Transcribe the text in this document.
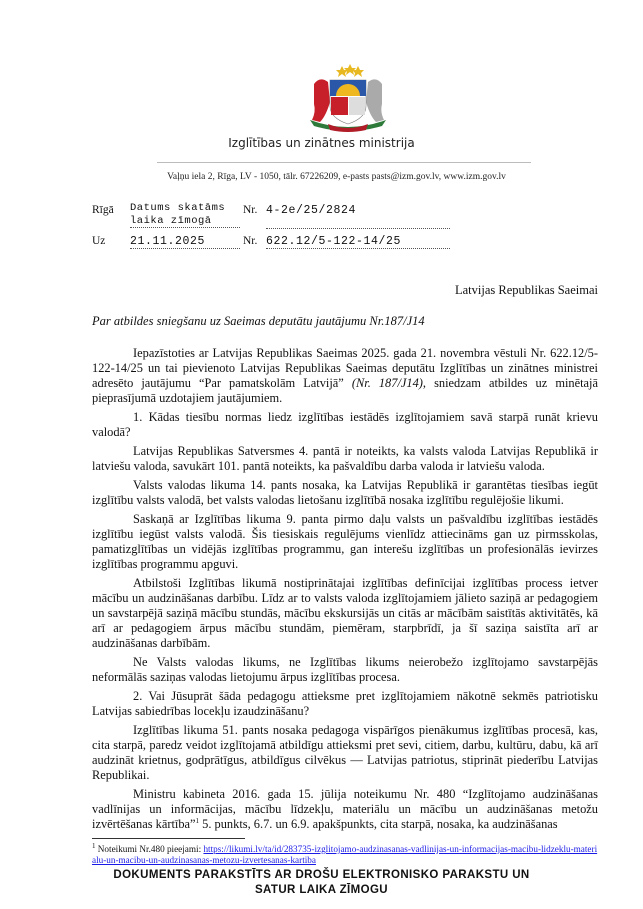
Izglītības un zinātnes ministrija
Vaļņu iela 2, Rīga, LV - 1050, tālr. 67226209, e-pasts pasts@izm.gov.lv, www.izm.gov.lv
Rīgā Datums skatāms laika zīmogā
Nr. 4-2e/25/2824
Uz 21.11.2025	Nr. 622.12/5-122-14/25
Latvijas Republikas Saeimai
Par atbildes sniegšanu uz Saeimas deputātu jautājumu Nr.187/J14

Iepazīstoties ar Latvijas Republikas Saeimas 2025. gada 21. novembra vēstuli Nr. 622.12/5-122-14/25 un tai pievienoto Latvijas Republikas Saeimas deputātu Izglītības un zinātnes ministrei adresēto jautājumu “Par pamatskolām Latvijā” (Nr. 187/J14), sniedzam atbildes uz minētajā pieprasījumā uzdotajiem jautājumiem.

1. Kādas tiesību normas liedz izglītības iestādēs izglītojamiem savā starpā runāt krievu valodā?

Latvijas Republikas Satversmes 4. pantā ir noteikts, ka valsts valoda Latvijas Republikā ir latviešu valoda, savukārt 101. pantā noteikts, ka pašvaldību darba valoda ir latviešu valoda.

Valsts valodas likuma 14. pants nosaka, ka Latvijas Republikā ir garantētas tiesības iegūt izglītību valsts valodā, bet valsts valodas lietošanu izglītībā nosaka izglītību regulējošie likumi.

Saskaņā ar Izglītības likuma 9. panta pirmo daļu valsts un pašvaldību izglītības iestādēs izglītību iegūst valsts valodā. Šis tiesiskais regulējums vienlīdz attiecināms gan uz pirmsskolas, pamatizglītības un vidējās izglītības programmu, gan interešu izglītības un profesionālās ievirzes izglītības programmu apguvi.

Atbilstoši Izglītības likumā nostiprinātajai izglītības definīcijai izglītības process ietver mācību un audzināšanas darbību. Līdz ar to valsts valoda izglītojamiem jālieto saziņā ar pedagogiem un savstarpējā saziņā mācību stundās, mācību ekskursijās un citās ar mācībām saistītās aktivitātēs, kā arī ar pedagogiem ārpus mācību stundām, piemēram, starpbrīdī, ja šī saziņa saistīta arī ar audzināšanas darbībām.

Ne Valsts valodas likums, ne Izglītības likums neierobežo izglītojamo savstarpējās neformālās saziņas valodas lietojumu ārpus izglītības procesa.

2. Vai Jūsuprāt šāda pedagogu attieksme pret izglītojamiem nākotnē sekmēs patriotisku Latvijas sabiedrības locekļu izaudzināšanu?

Izglītības likuma 51. pants nosaka pedagoga vispārīgos pienākumus izglītības procesā, kas, cita starpā, paredz veidot izglītojamā atbildīgu attieksmi pret sevi, citiem, darbu, kultūru, dabu, kā arī audzināt krietnus, godprātīgus, atbildīgus cilvēkus — Latvijas patriotus, stiprināt piederību Latvijas Republikai.

Ministru kabineta 2016. gada 15. jūlija noteikumu Nr. 480 “Izglītojamo audzināšanas vadlīnijas un informācijas, mācību līdzekļu, materiālu un mācību un audzināšanas metožu izvērtēšanas kārtība”$^1$ 5. punkts, 6.7. un 6.9. apakšpunkts, cita starpā, nosaka, ka audzināšanas

$^1$ Noteikumi Nr.480 pieejami: https://likumi.lv/ta/id/283735-izglitojamo-audzinasanas-vadlinijas-un-informacijas-macibu-lidzeklu-materialu-un-macibu-un-audzinasanas-metozu-izvertesanas-kartiba
DOKUMENTS PARAKSTĪTS AR DROŠU ELEKTRONISKO PARAKSTU UN
SATUR LAIKA ZĪMOGU
